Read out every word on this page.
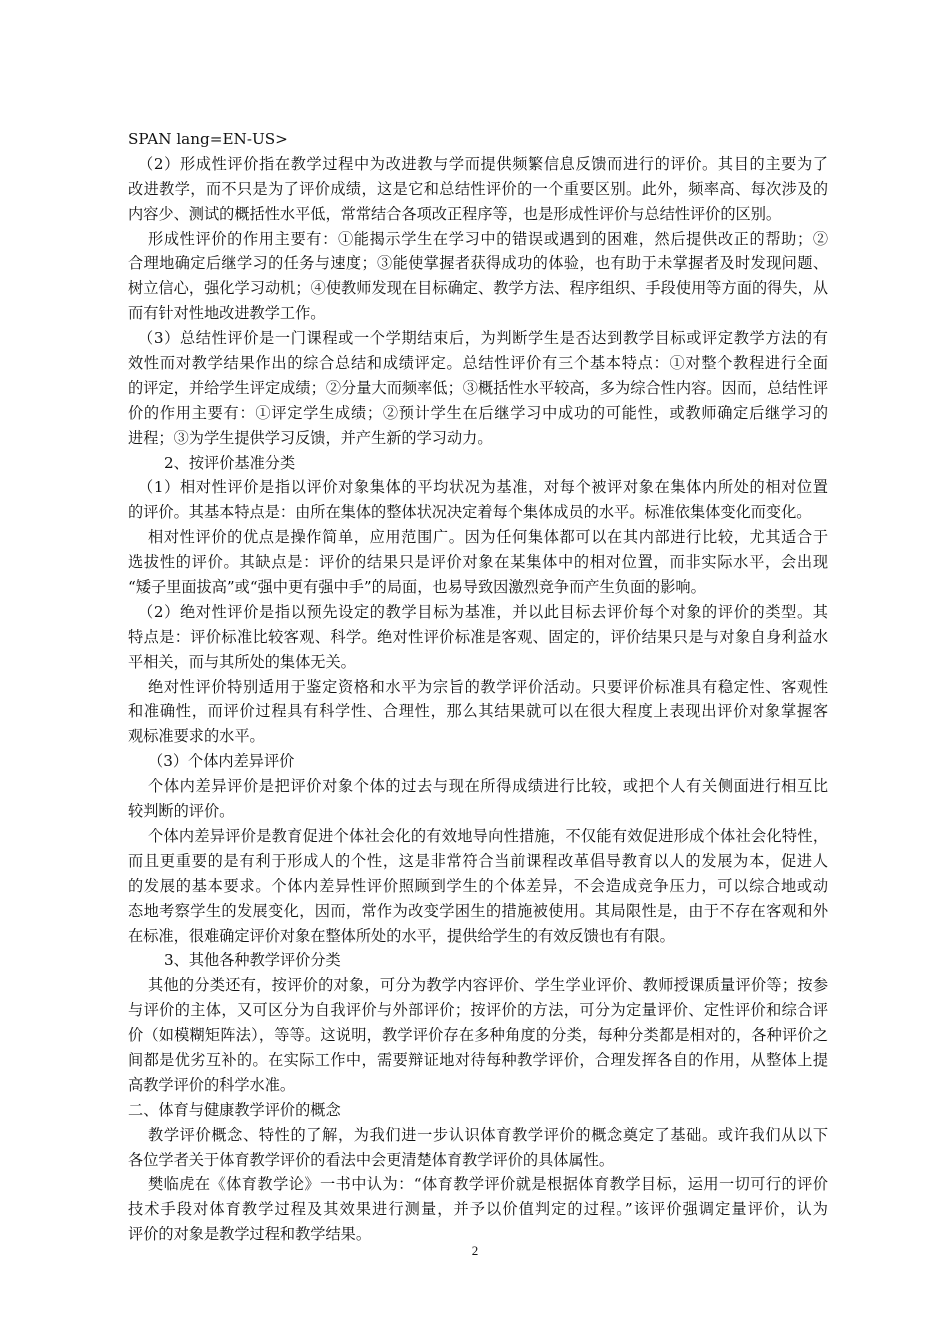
SPAN lang=EN-US>
（2）形成性评价指在教学过程中为改进教与学而提供频繁信息反馈而进行的评价。其目的主要为了
改进教学，而不只是为了评价成绩，这是它和总结性评价的一个重要区别。此外，频率高、每次涉及的
内容少、测试的概括性水平低，常常结合各项改正程序等，也是形成性评价与总结性评价的区别。
形成性评价的作用主要有：①能揭示学生在学习中的错误或遇到的困难，然后提供改正的帮助；②
合理地确定后继学习的任务与速度；③能使掌握者获得成功的体验，也有助于未掌握者及时发现问题、
树立信心，强化学习动机；④使教师发现在目标确定、教学方法、程序组织、手段使用等方面的得失，从
而有针对性地改进教学工作。
（3）总结性评价是一门课程或一个学期结束后，为判断学生是否达到教学目标或评定教学方法的有
效性而对教学结果作出的综合总结和成绩评定。总结性评价有三个基本特点：①对整个教程进行全面
的评定，并给学生评定成绩；②分量大而频率低；③概括性水平较高，多为综合性内容。因而，总结性评
价的作用主要有：①评定学生成绩；②预计学生在后继学习中成功的可能性，或教师确定后继学习的
进程；③为学生提供学习反馈，并产生新的学习动力。
2、按评价基准分类
（1）相对性评价是指以评价对象集体的平均状况为基准，对每个被评对象在集体内所处的相对位置
的评价。其基本特点是：由所在集体的整体状况决定着每个集体成员的水平。标准依集体变化而变化。
相对性评价的优点是操作简单，应用范围广。因为任何集体都可以在其内部进行比较，尤其适合于
选拔性的评价。其缺点是：评价的结果只是评价对象在某集体中的相对位置，而非实际水平，会出现
“矮子里面拔高”或“强中更有强中手”的局面，也易导致因激烈竞争而产生负面的影响。
（2）绝对性评价是指以预先设定的教学目标为基准，并以此目标去评价每个对象的评价的类型。其
特点是：评价标准比较客观、科学。绝对性评价标准是客观、固定的，评价结果只是与对象自身利益水
平相关，而与其所处的集体无关。
绝对性评价特别适用于鉴定资格和水平为宗旨的教学评价活动。只要评价标准具有稳定性、客观性
和准确性，而评价过程具有科学性、合理性，那么其结果就可以在很大程度上表现出评价对象掌握客
观标准要求的水平。
（3）个体内差异评价
个体内差异评价是把评价对象个体的过去与现在所得成绩进行比较，或把个人有关侧面进行相互比
较判断的评价。
个体内差异评价是教育促进个体社会化的有效地导向性措施，不仅能有效促进形成个体社会化特性，
而且更重要的是有利于形成人的个性，这是非常符合当前课程改革倡导教育以人的发展为本，促进人
的发展的基本要求。个体内差异性评价照顾到学生的个体差异，不会造成竞争压力，可以综合地或动
态地考察学生的发展变化，因而，常作为改变学困生的措施被使用。其局限性是，由于不存在客观和外
在标准，很难确定评价对象在整体所处的水平，提供给学生的有效反馈也有有限。
3、其他各种教学评价分类
其他的分类还有，按评价的对象，可分为教学内容评价、学生学业评价、教师授课质量评价等；按参
与评价的主体，又可区分为自我评价与外部评价；按评价的方法，可分为定量评价、定性评价和综合评
价（如模糊矩阵法），等等。这说明，教学评价存在多种角度的分类，每种分类都是相对的，各种评价之
间都是优劣互补的。在实际工作中，需要辩证地对待每种教学评价，合理发挥各自的作用，从整体上提
高教学评价的科学水准。
二、体育与健康教学评价的概念
教学评价概念、特性的了解，为我们进一步认识体育教学评价的概念奠定了基础。或许我们从以下
各位学者关于体育教学评价的看法中会更清楚体育教学评价的具体属性。
樊临虎在《体育教学论》一书中认为：“体育教学评价就是根据体育教学目标，运用一切可行的评价
技术手段对体育教学过程及其效果进行测量，并予以价值判定的过程。”该评价强调定量评价，认为
评价的对象是教学过程和教学结果。
2
